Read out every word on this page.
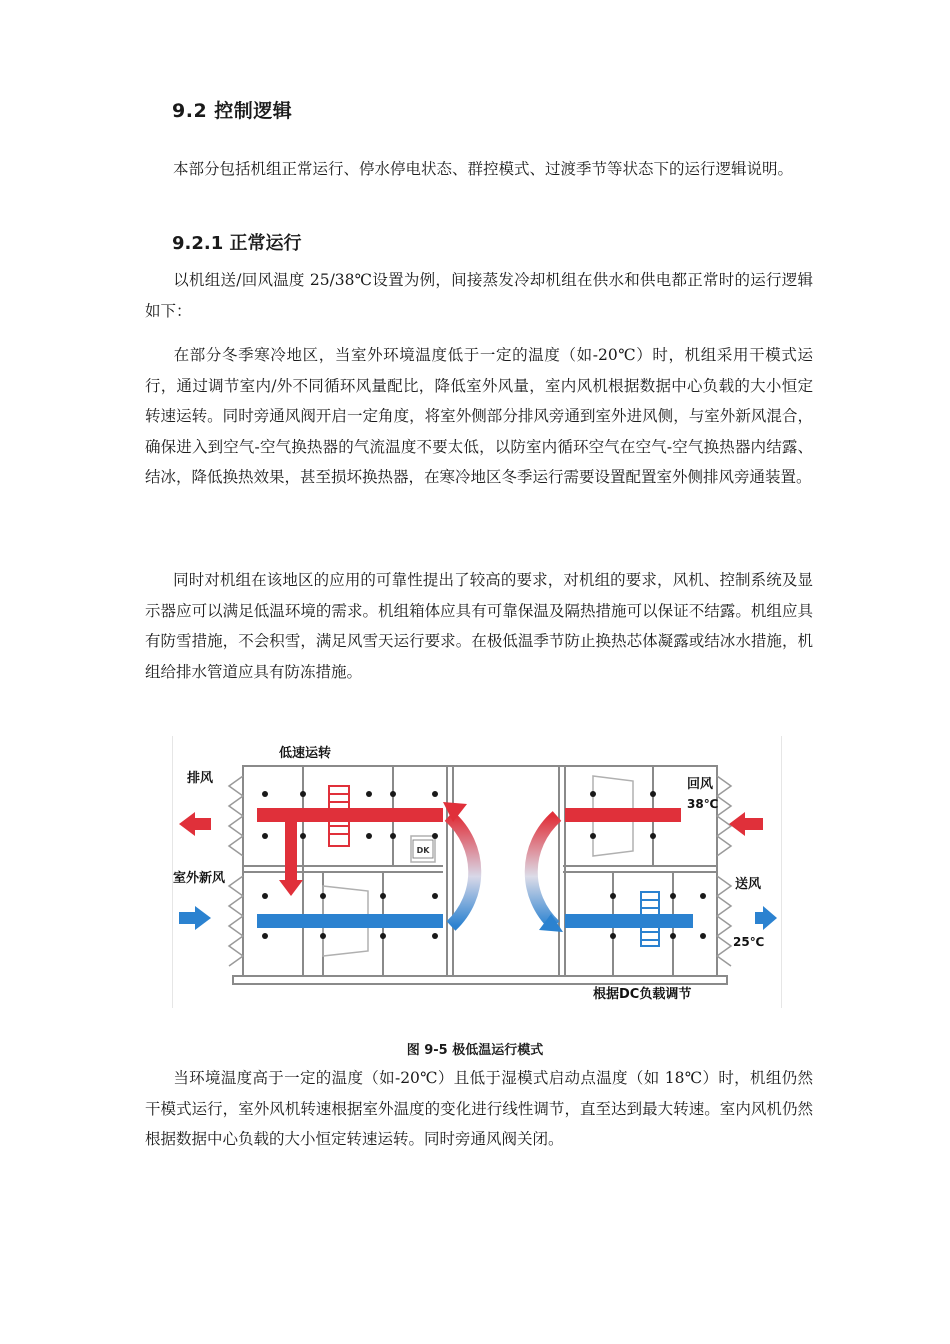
9.2 控制逻辑
本部分包括机组正常运行、停水停电状态、群控模式、过渡季节等状态下的运行逻辑说明。
9.2.1 正常运行
以机组送/回风温度 25/38℃设置为例，间接蒸发冷却机组在供水和供电都正常时的运行逻辑如下：
在部分冬季寒冷地区，当室外环境温度低于一定的温度（如-20℃）时，机组采用干模式运行，通过调节室内/外不同循环风量配比，降低室外风量，室内风机根据数据中心负载的大小恒定转速运转。同时旁通风阀开启一定角度，将室外侧部分排风旁通到室外进风侧，与室外新风混合，确保进入到空气-空气换热器的气流温度不要太低，以防室内循环空气在空气-空气换热器内结露、结冰，降低换热效果，甚至损坏换热器，在寒冷地区冬季运行需要设置配置室外侧排风旁通装置。
同时对机组在该地区的应用的可靠性提出了较高的要求，对机组的要求，风机、控制系统及显示器应可以满足低温环境的需求。机组箱体应具有可靠保温及隔热措施可以保证不结露。机组应具有防雪措施，不会积雪，满足风雪天运行要求。在极低温季节防止换热芯体凝露或结冰水措施，机组给排水管道应具有防冻措施。
DK
低速运转
排风	回风
38℃
室外新风	送风
25℃
根据DC负载调节
图 9-5 极低温运行模式
当环境温度高于一定的温度（如-20℃）且低于湿模式启动点温度（如 18℃）时，机组仍然干模式运行，室外风机转速根据室外温度的变化进行线性调节，直至达到最大转速。室内风机仍然根据数据中心负载的大小恒定转速运转。同时旁通风阀关闭。
